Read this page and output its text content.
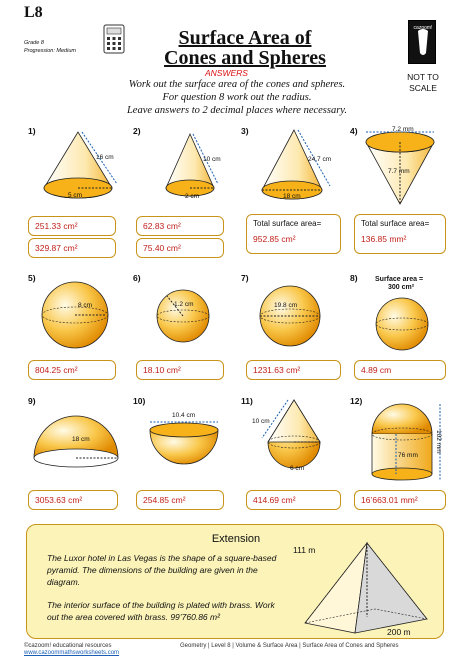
L8
Grade 8
Progression: Medium
Surface Area of
Cones and Spheres
ANSWERS
Work out the surface area of the cones and spheres.
For question 8 work out the radius.
Leave answers to 2 decimal places where necessary.
cazoom!
NOT TO
SCALE
1)
16 cm
5 cm
251.33 cm²
329.87 cm²
2)
10 cm
2 cm
62.83 cm²
75.40 cm²
3)
24.7 cm
18 cm
Total surface area=
952.85 cm²
4)	7.2 mm
7.7 mm
Total surface area=
136.85 mm²
5)
8 cm
804.25 cm²
6)
1.2 cm
18.10 cm²
7)
19.8 cm
1231.63 cm²
8) Surface area =
300 cm²
4.89 cm
9)
18 cm
3053.63 cm²
10)
10.4 cm
254.85 cm²
11)
10 cm
6 cm
414.69 cm²
12)
102 mm
76 mm
16’663.01 mm²
Extension
The Luxor hotel in Las Vegas is the shape of a square-based pyramid. The dimensions of the building are given in the diagram.
The interior surface of the building is plated with brass. Work out the area covered with brass. 99’760.86 m²
111 m
200 m
©cazoom! educational resources
www.cazoommathsworksheets.com
Geometry | Level 8 | Volume & Surface Area | Surface Area of Cones and Spheres
